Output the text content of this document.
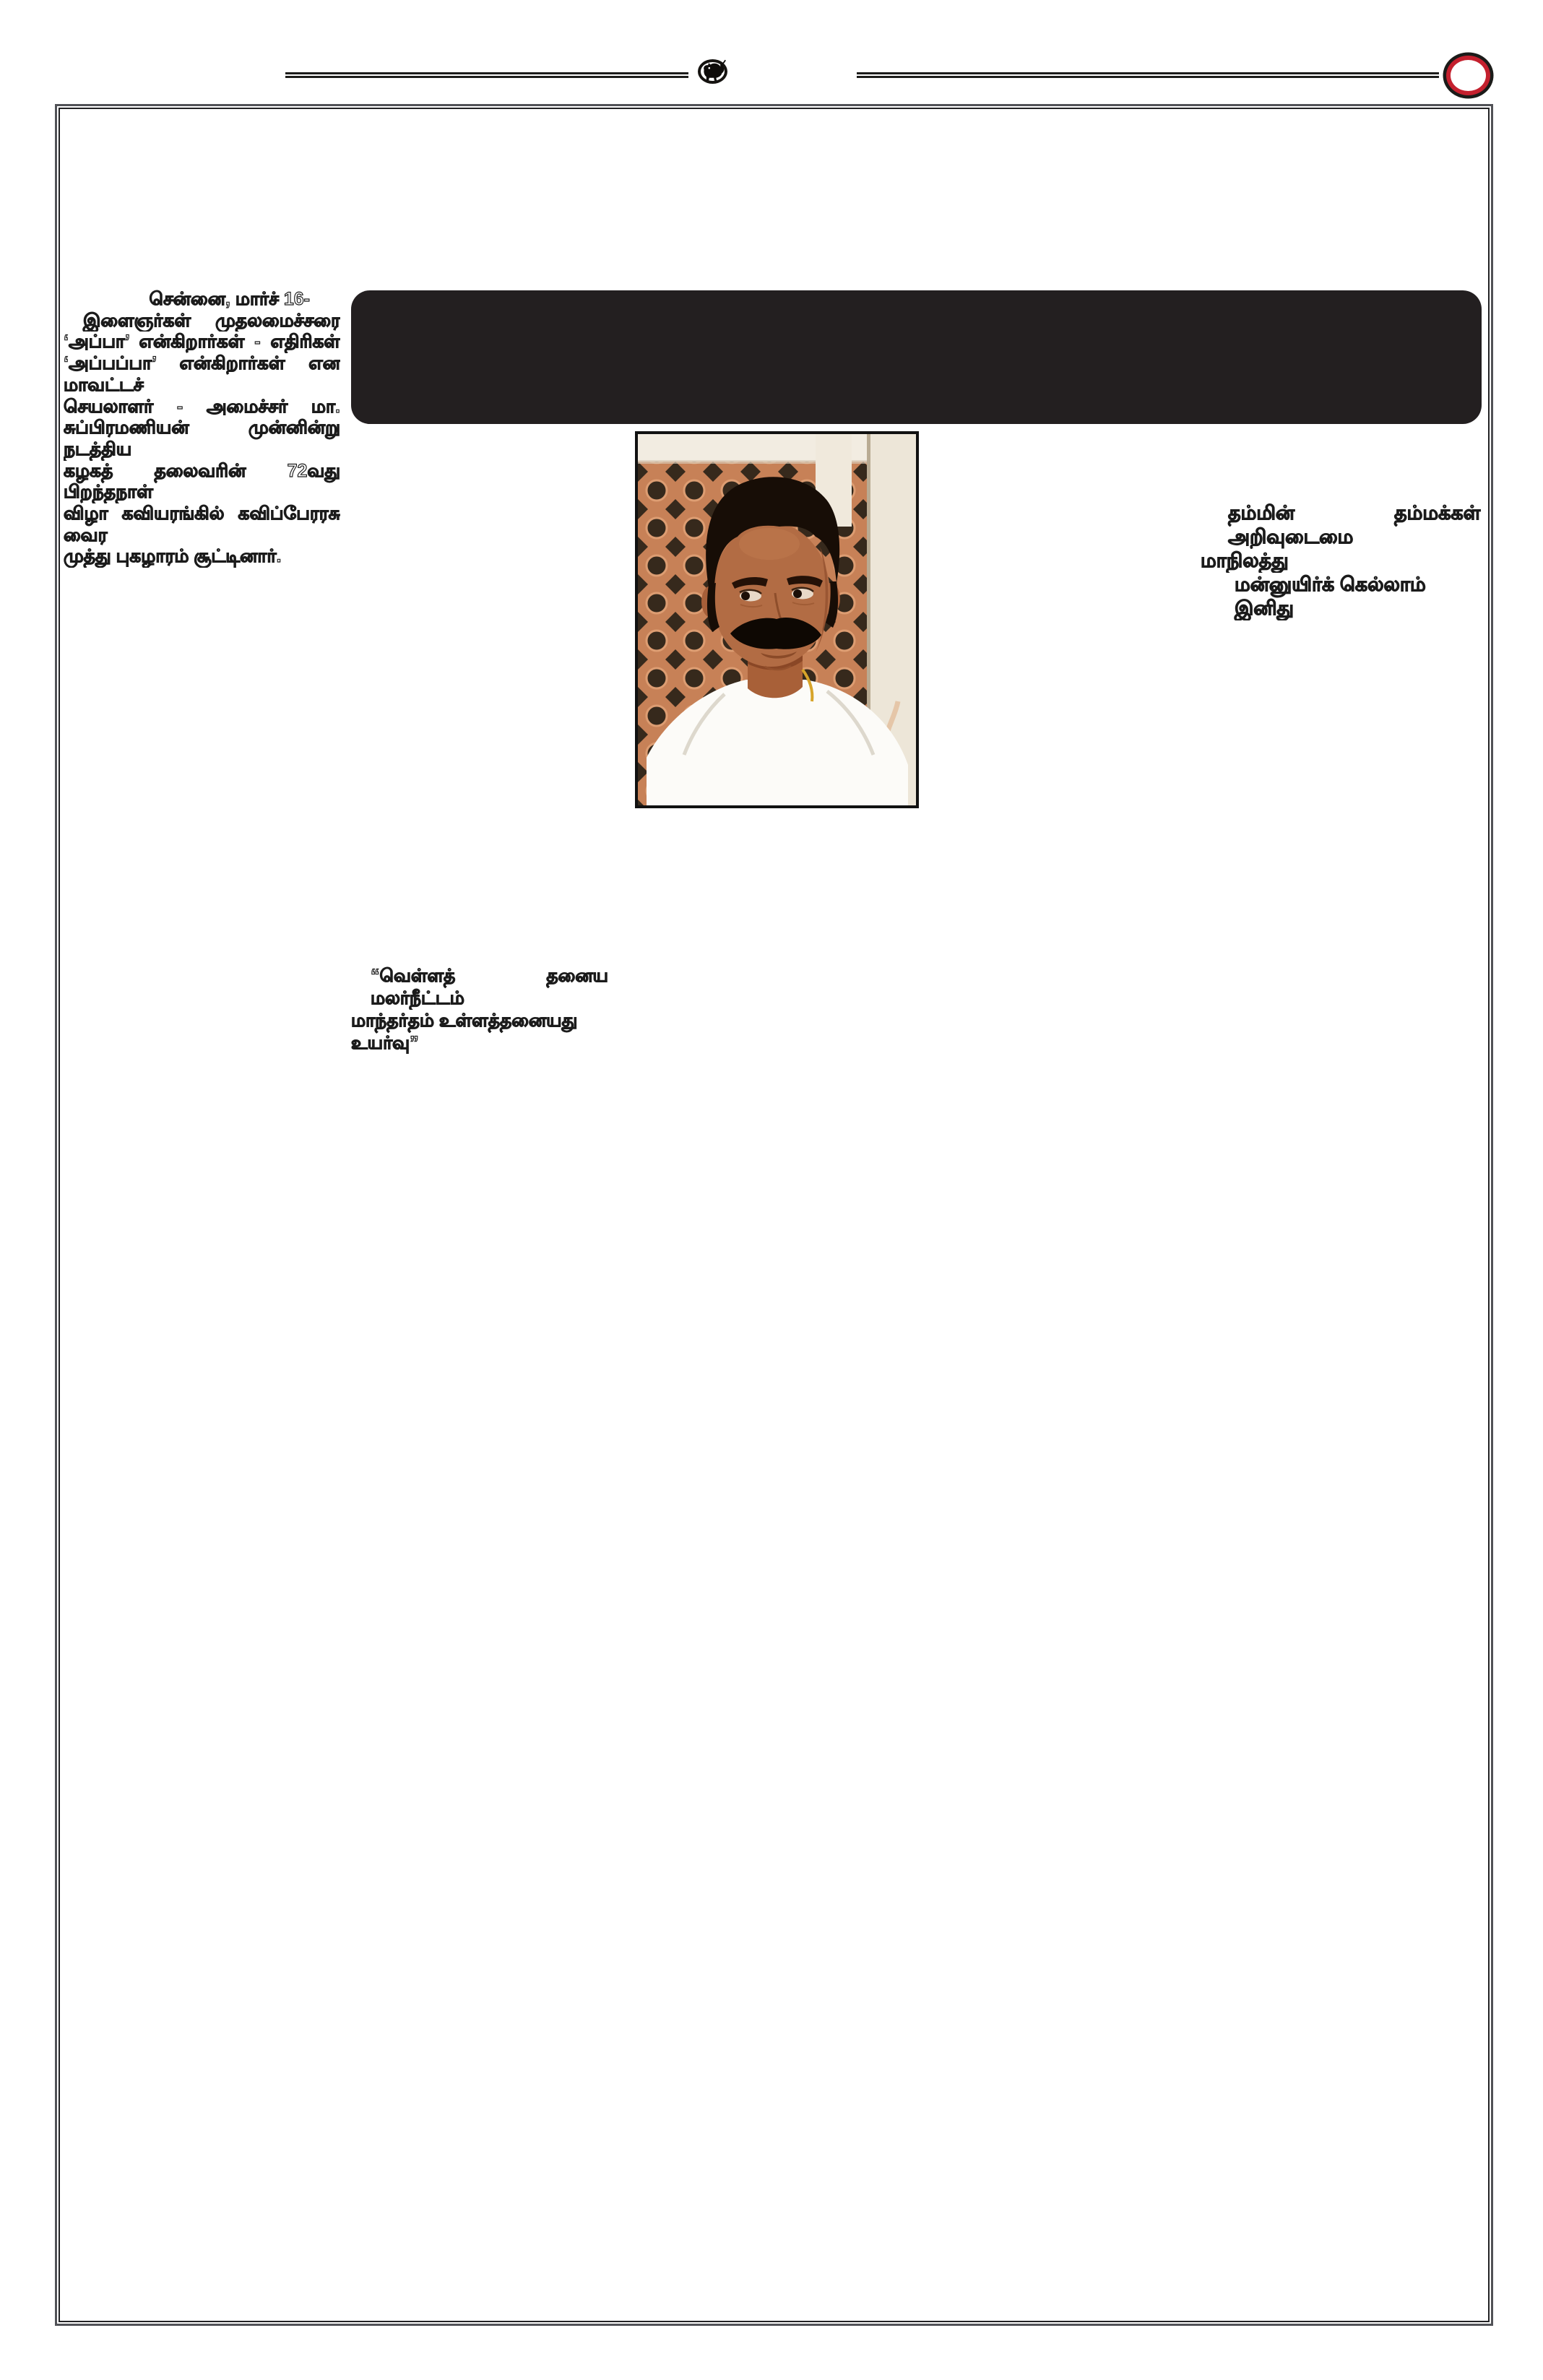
சென்னை, மார்ச் 16-
இளைஞர்கள் முதலமைச்சரை
‘அப்பா’ என்கிறார்கள் - எதிரிகள்
‘அப்பப்பா’ என்கிறார்கள் என மாவட்டச்
செயலாளர் - அமைச்சர் மா.
சுப்பிரமணியன் முன்னின்று நடத்திய
கழகத் தலைவரின் 72வது பிறந்தநாள்
விழா கவியரங்கில் கவிப்பேரரசு வைர
முத்து புகழாரம் சூட்டினார்.
தம்மின் தம்மக்கள் அறிவுடைமை
மாநிலத்து
மன்னுயிர்க் கெல்லாம் இனிது
“வெள்ளத் தனைய மலர்நீட்டம்
மாந்தர்தம் உள்ளத்தனையது உயர்வு”
